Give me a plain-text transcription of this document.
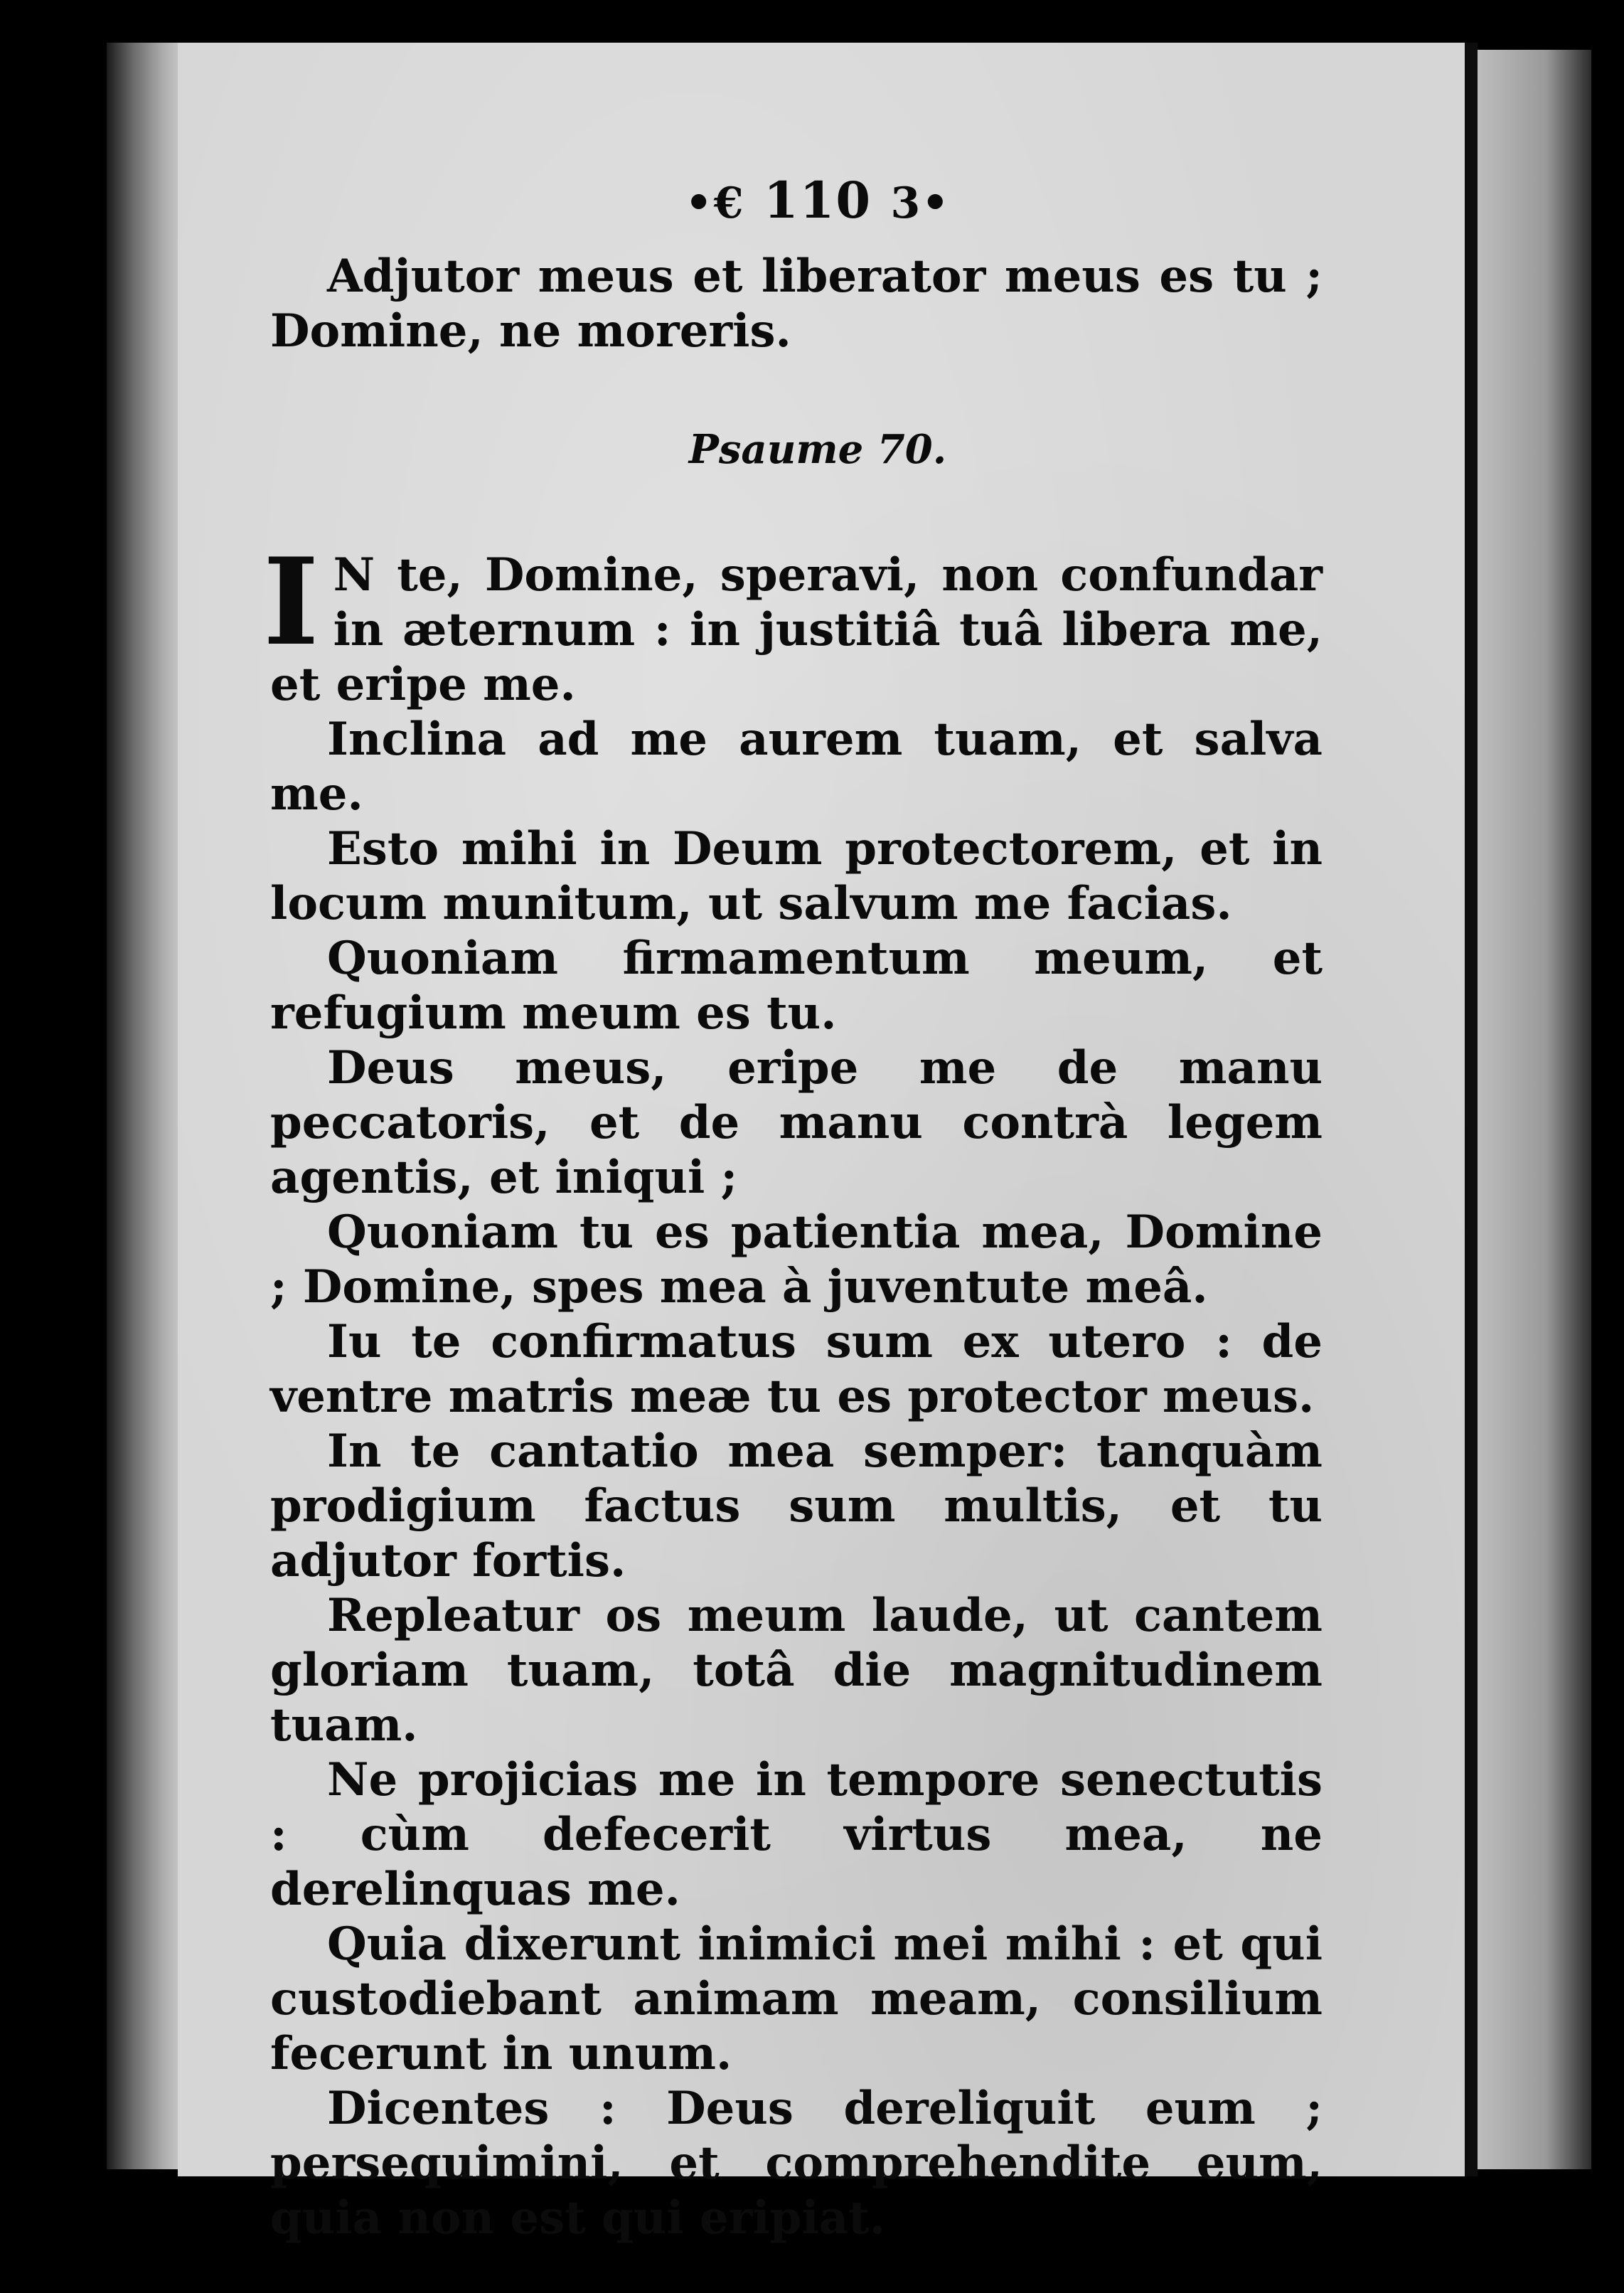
•€ 110 3•

Adjutor meus et liberator meus es tu ; Domine, ne moreris.

Psaume 70.

I N te, Domine, speravi, non confundar in æternum : in justitiâ tuâ libera me, et eripe me.

Inclina ad me aurem tuam, et salva me.

Esto mihi in Deum protectorem, et in locum munitum, ut salvum me facias.

Quoniam firmamentum meum, et refugium meum es tu.

Deus meus, eripe me de manu peccatoris, et de manu contrà legem agentis, et iniqui ;

Quoniam tu es patientia mea, Domine ; Domine, spes mea à juventute meâ.

Iu te confirmatus sum ex utero : de ventre matris meæ tu es protector meus.

In te cantatio mea semper: tanquàm prodigium factus sum multis, et tu adjutor fortis.

Repleatur os meum laude, ut cantem gloriam tuam, totâ die magnitudinem tuam.

Ne projicias me in tempore senectutis : cùm defecerit virtus mea, ne derelinquas me.

Quia dixerunt inimici mei mihi : et qui custodiebant animam meam, consilium fecerunt in unum.

Dicentes : Deus dereliquit eum ; persequimini, et comprehendite eum, quia non est qui eripiat.
